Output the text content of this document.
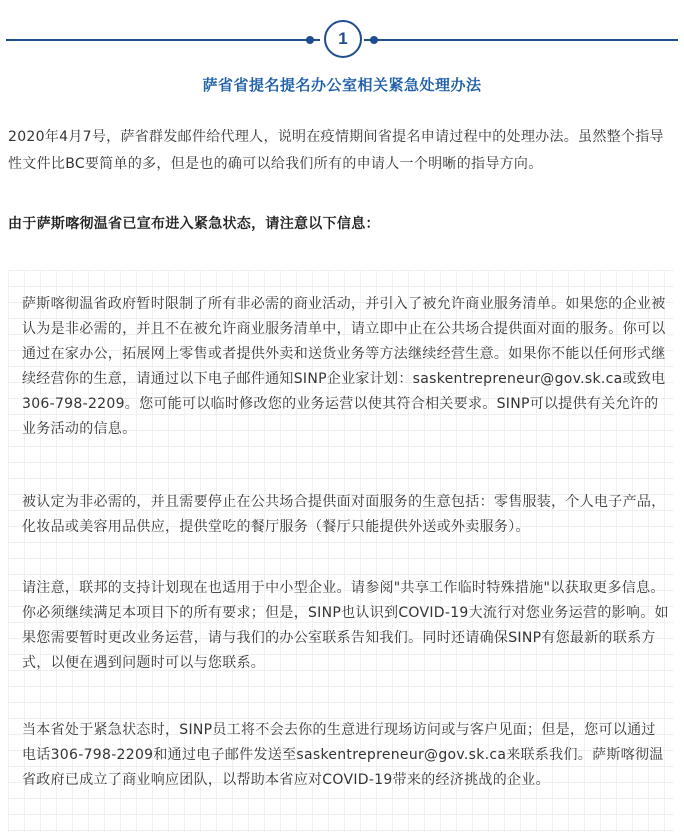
1
萨省省提名提名办公室相关紧急处理办法

2020年4月7号，萨省群发邮件给代理人，说明在疫情期间省提名申请过程中的处理办法。虽然整个指导性文件比BC要简单的多，但是也的确可以给我们所有的申请人一个明晰的指导方向。

由于萨斯喀彻温省已宣布进入紧急状态，请注意以下信息：

萨斯喀彻温省政府暂时限制了所有非必需的商业活动，并引入了被允许商业服务清单。如果您的企业被认为是非必需的，并且不在被允许商业服务清单中，请立即中止在公共场合提供面对面的服务。你可以通过在家办公，拓展网上零售或者提供外卖和送货业务等方法继续经营生意。如果你不能以任何形式继续经营你的生意，请通过以下电子邮件通知SINP企业家计划：saskentrepreneur@gov.sk.ca或致电306-798-2209。您可能可以临时修改您的业务运营以使其符合相关要求。SINP可以提供有关允许的业务活动的信息。

被认定为非必需的，并且需要停止在公共场合提供面对面服务的生意包括：零售服装，个人电子产品，化妆品或美容用品供应，提供堂吃的餐厅服务（餐厅只能提供外送或外卖服务）。

请注意，联邦的支持计划现在也适用于中小型企业。请参阅"共享工作临时特殊措施"以获取更多信息。你必须继续满足本项目下的所有要求；但是，SINP也认识到COVID-19大流行对您业务运营的影响。如果您需要暂时更改业务运营，请与我们的办公室联系告知我们。同时还请确保SINP有您最新的联系方式，以便在遇到问题时可以与您联系。

当本省处于紧急状态时，SINP员工将不会去你的生意进行现场访问或与客户见面；但是，您可以通过电话306-798-2209和通过电子邮件发送至saskentrepreneur@gov.sk.ca来联系我们。萨斯喀彻温省政府已成立了商业响应团队，以帮助本省应对COVID-19带来的经济挑战的企业。
